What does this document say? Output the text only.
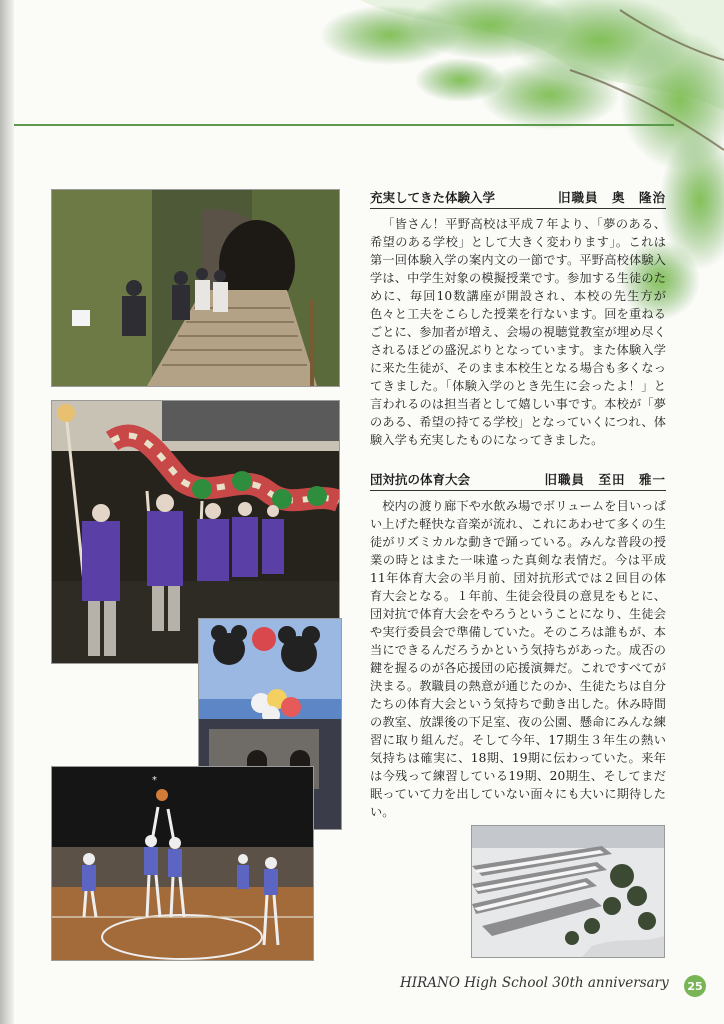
*
充実してきた体験入学	旧職員　奥　隆治
「皆さん！平野高校は平成７年より、「夢のある、希望のある学校」として大きく変わります」。これは第一回体験入学の案内文の一節です。平野高校体験入学は、中学生対象の模擬授業です。参加する生徒のために、毎回10数講座が開設され、本校の先生方が色々と工夫をこらした授業を行ないます。回を重ねるごとに、参加者が増え、会場の視聴覚教室が埋め尽くされるほどの盛況ぶりとなっています。また体験入学に来た生徒が、そのまま本校生となる場合も多くなってきました。「体験入学のとき先生に会ったよ！」と言われるのは担当者として嬉しい事です。本校が「夢のある、希望の持てる学校」となっていくにつれ、体験入学も充実したものになってきました。
団対抗の体育大会	旧職員　至田　雅一
校内の渡り廊下や水飲み場でボリュームを目いっぱい上げた軽快な音楽が流れ、これにあわせて多くの生徒がリズミカルな動きで踊っている。みんな普段の授業の時とはまた一味違った真剣な表情だ。今は平成11年体育大会の半月前、団対抗形式では２回目の体育大会となる。１年前、生徒会役員の意見をもとに、団対抗で体育大会をやろうということになり、生徒会や実行委員会で準備していた。そのころは誰もが、本当にできるんだろうかという気持ちがあった。成否の鍵を握るのが各応援団の応援演舞だ。これですべてが決まる。教職員の熱意が通じたのか、生徒たちは自分たちの体育大会という気持ちで動き出した。休み時間の教室、放課後の下足室、夜の公園、懸命にみんな練習に取り組んだ。そして今年、17期生３年生の熱い気持ちは確実に、18期、19期に伝わっていた。来年は今残って練習している19期、20期生、そしてまだ眠っていて力を出していない面々にも大いに期待したい。
HIRANO High School 30th anniversary	25
